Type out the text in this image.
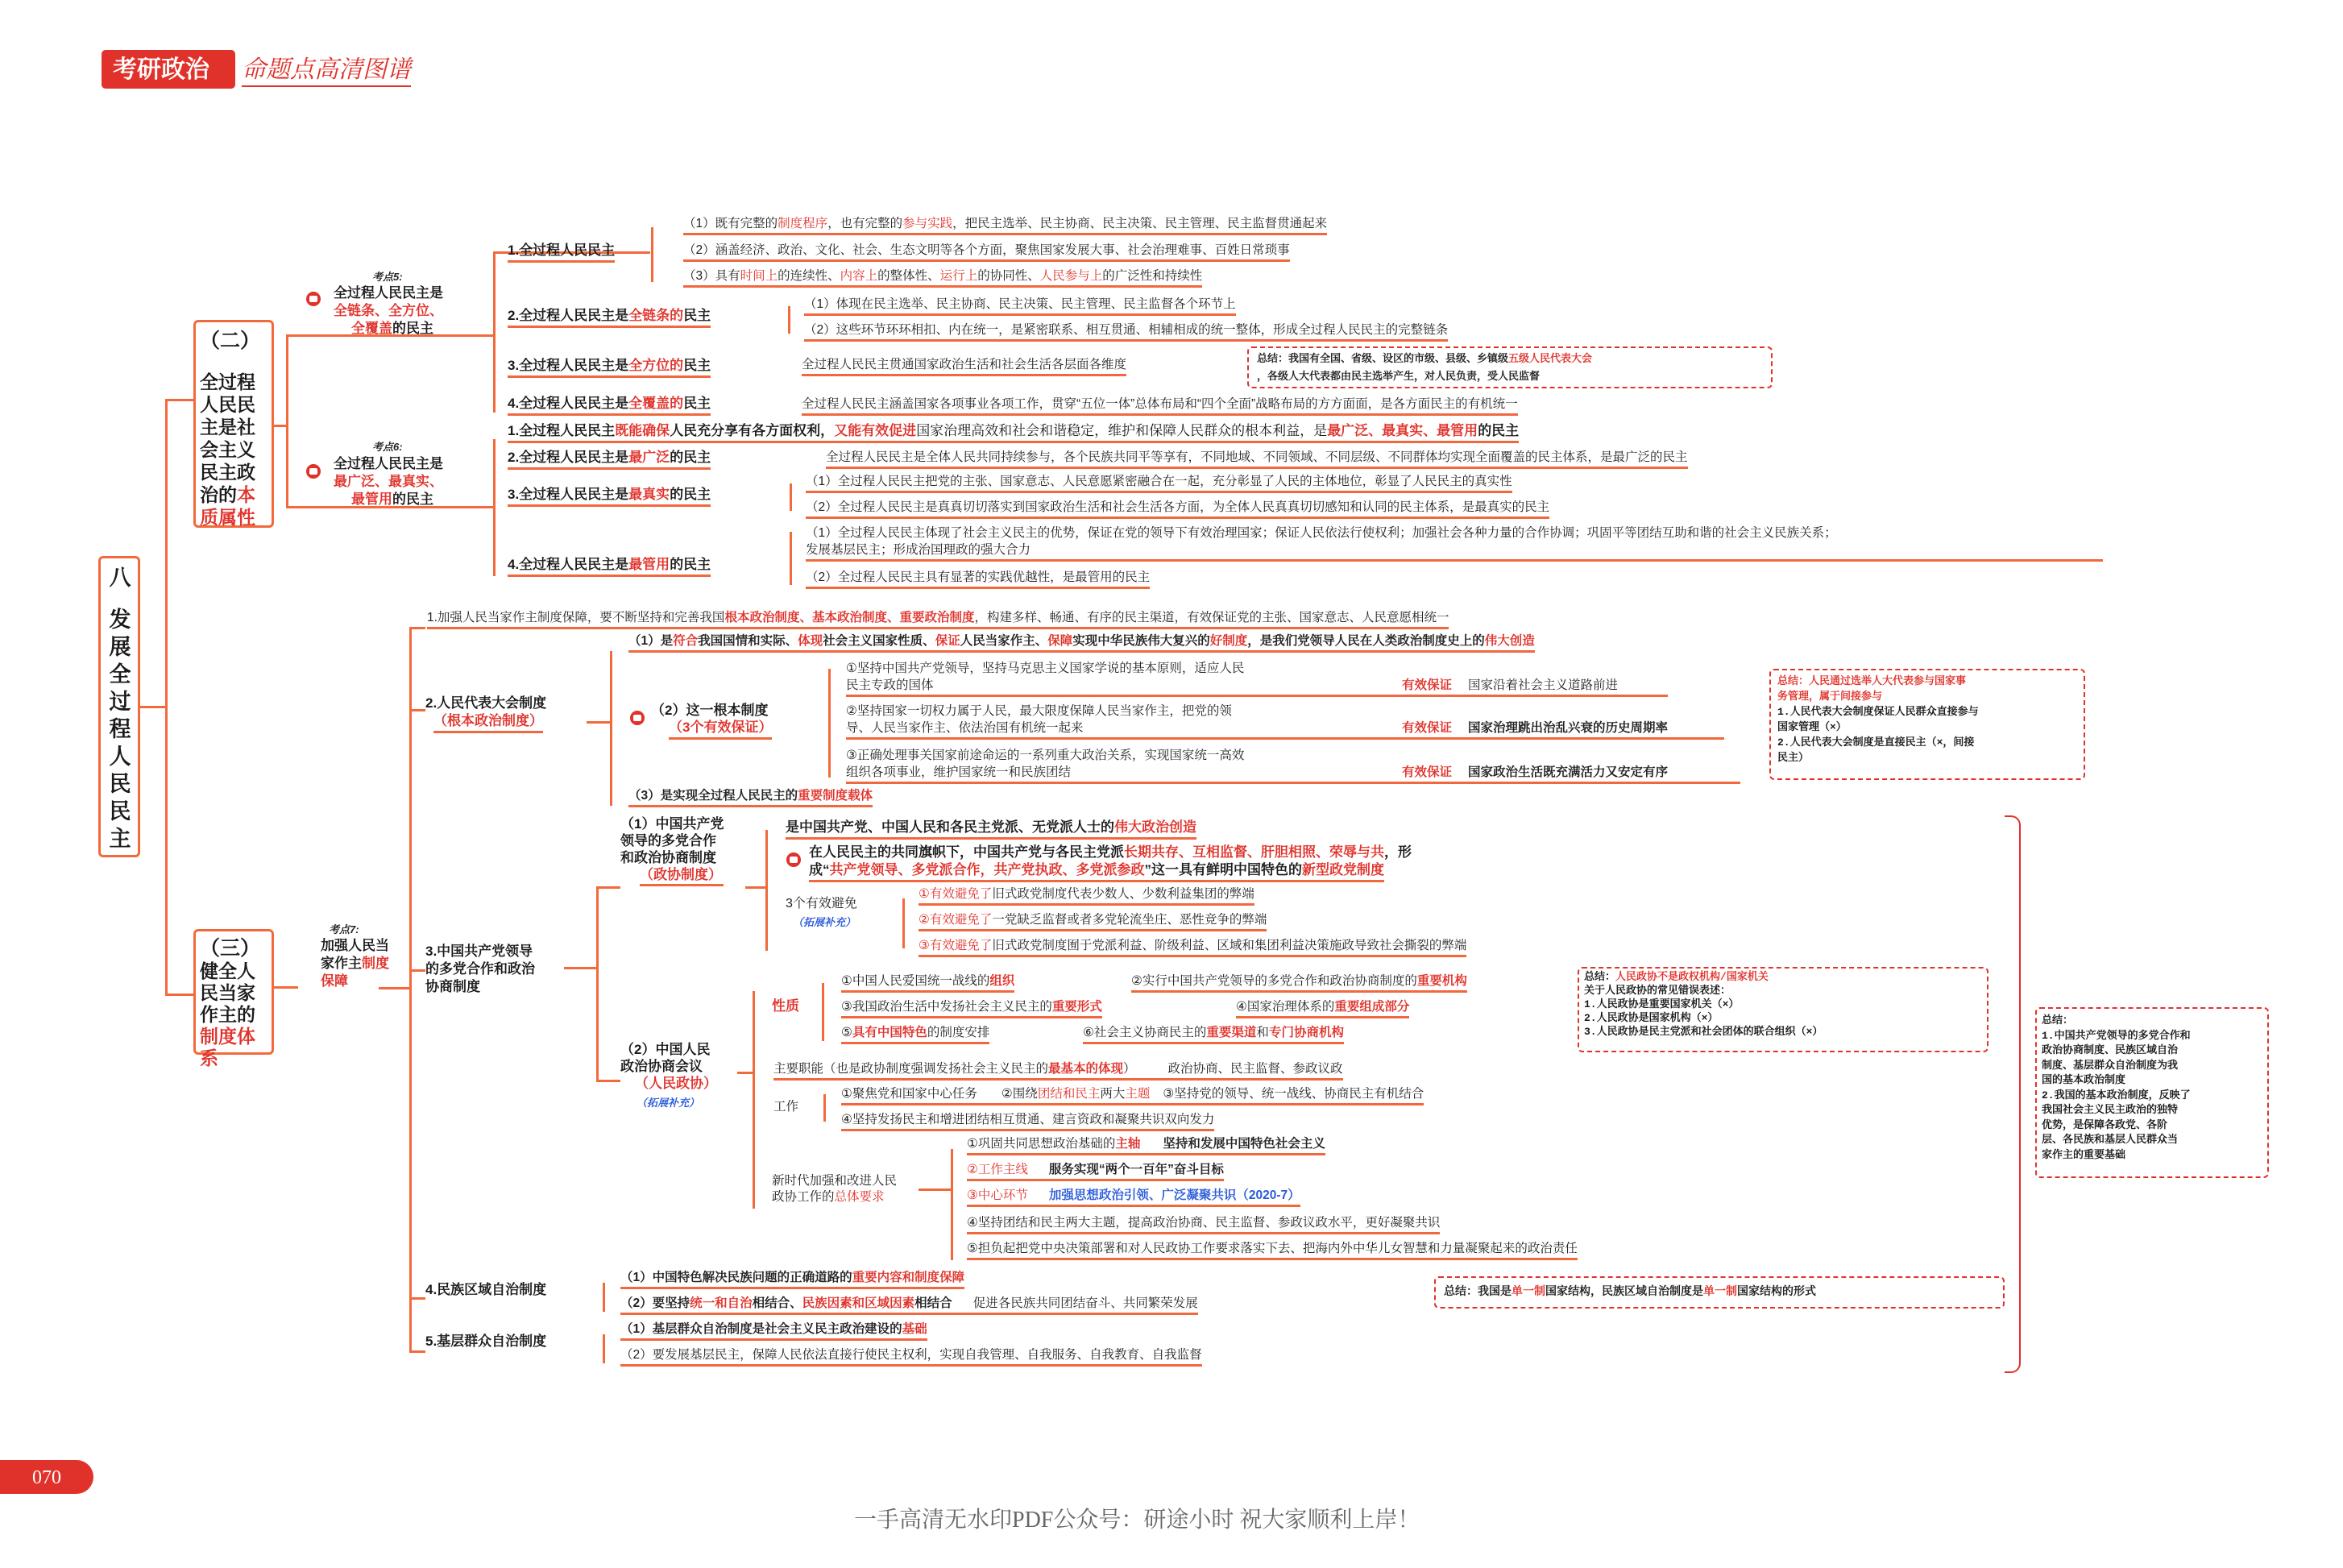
考研政治 命题点高清图谱
八
发
展
全
过
程
人
民
民
主
（二）
全过程人民民主是社会主义民主政治的本质属性
考点5:
全过程人民民主是
全链条、全方位、
全覆盖的民主
考点6:
全过程人民民主是
最广泛、最真实、
最管用的民主
1.全过程人民民主
（1）既有完整的制度程序，也有完整的参与实践，把民主选举、民主协商、民主决策、民主管理、民主监督贯通起来
（2）涵盖经济、政治、文化、社会、生态文明等各个方面，聚焦国家发展大事、社会治理难事、百姓日常琐事
（3）具有时间上的连续性、内容上的整体性、运行上的协同性、人民参与上的广泛性和持续性
2.全过程人民民主是全链条的民主
（1）体现在民主选举、民主协商、民主决策、民主管理、民主监督各个环节上
（2）这些环节环环相扣、内在统一，是紧密联系、相互贯通、相辅相成的统一整体，形成全过程人民民主的完整链条
3.全过程人民民主是全方位的民主	全过程人民民主贯通国家政治生活和社会生活各层面各维度	总结：我国有全国、省级、设区的市级、县级、乡镇级五级人民代表大会
，各级人大代表都由民主选举产生，对人民负责，受人民监督
4.全过程人民民主是全覆盖的民主	全过程人民民主涵盖国家各项事业各项工作，贯穿“五位一体”总体布局和“四个全面”战略布局的方方面面，是各方面民主的有机统一
1.全过程人民民主既能确保人民充分享有各方面权利，又能有效促进国家治理高效和社会和谐稳定，维护和保障人民群众的根本利益，是最广泛、最真实、最管用的民主
2.全过程人民民主是最广泛的民主	全过程人民民主是全体人民共同持续参与，各个民族共同平等享有，不同地域、不同领域、不同层级、不同群体均实现全面覆盖的民主体系，是最广泛的民主
3.全过程人民民主是最真实的民主
（1）全过程人民民主把党的主张、国家意志、人民意愿紧密融合在一起，充分彰显了人民的主体地位，彰显了人民民主的真实性
（2）全过程人民民主是真真切切落实到国家政治生活和社会生活各方面，为全体人民真真切切感知和认同的民主体系，是最真实的民主
4.全过程人民民主是最管用的民主
（1）全过程人民民主体现了社会主义民主的优势，保证在党的领导下有效治理国家；保证人民依法行使权利；加强社会各种力量的合作协调；巩固平等团结互助和谐的社会主义民族关系；
发展基层民主；形成治国理政的强大合力
（2）全过程人民民主具有显著的实践优越性，是最管用的民主
（三）
健全人民当家作主的制度体系
考点7:
加强人民当家作主制度保障
1.加强人民当家作主制度保障，要不断坚持和完善我国根本政治制度、基本政治制度、重要政治制度，构建多样、畅通、有序的民主渠道，有效保证党的主张、国家意志、人民意愿相统一
2.人民代表大会制度
（根本政治制度）
（1）是符合我国国情和实际、体现社会主义国家性质、保证人民当家作主、保障实现中华民族伟大复兴的好制度，是我们党领导人民在人类政治制度史上的伟大创造
（2）这一根本制度
（3个有效保证）
①坚持中国共产党领导，坚持马克思主义国家学说的基本原则，适应人民
民主专政的国体	有效保证 国家沿着社会主义道路前进
②坚持国家一切权力属于人民，最大限度保障人民当家作主，把党的领
导、人民当家作主、依法治国有机统一起来	有效保证 国家治理跳出治乱兴衰的历史周期率
③正确处理事关国家前途命运的一系列重大政治关系，实现国家统一高效
组织各项事业，维护国家统一和民族团结	有效保证 国家政治生活既充满活力又安定有序
（3）是实现全过程人民民主的重要制度载体
总结：人民通过选举人大代表参与国家事
务管理，属于间接参与
1.人民代表大会制度保证人民群众直接参与
国家管理（×）
2.人民代表大会制度是直接民主（×，间接
民主）
3.中国共产党领导
的多党合作和政治
协商制度
（1）中国共产党
领导的多党合作
和政治协商制度
（政协制度）
是中国共产党、中国人民和各民主党派、无党派人士的伟大政治创造
在人民民主的共同旗帜下，中国共产党与各民主党派长期共存、互相监督、肝胆相照、荣辱与共，形
成“共产党领导、多党派合作，共产党执政、多党派参政”这一具有鲜明中国特色的新型政党制度
3个有效避免
（拓展补充）
①有效避免了旧式政党制度代表少数人、少数利益集团的弊端
②有效避免了一党缺乏监督或者多党轮流坐庄、恶性竞争的弊端
③有效避免了旧式政党制度囿于党派利益、阶级利益、区域和集团利益决策施政导致社会撕裂的弊端
（2）中国人民
政治协商会议
（人民政协）
（拓展补充）
性质
①中国人民爱国统一战线的组织	②实行中国共产党领导的多党合作和政治协商制度的重要机构
③我国政治生活中发扬社会主义民主的重要形式	④国家治理体系的重要组成部分
⑤具有中国特色的制度安排	⑥社会主义协商民主的重要渠道和专门协商机构
总结：人民政协不是政权机构/国家机关
关于人民政协的常见错误表述：
1.人民政协是重要国家机关（×）
2.人民政协是国家机构（×）
3.人民政协是民主党派和社会团体的联合组织（×）
主要职能（也是政协制度强调发扬社会主义民主的最基本的体现）	政治协商、民主监督、参政议政
工作
①聚焦党和国家中心任务 ②围绕团结和民主两大主题 ③坚持党的领导、统一战线、协商民主有机结合
④坚持发扬民主和增进团结相互贯通、建言资政和凝聚共识双向发力
新时代加强和改进人民
政协工作的总体要求
①巩固共同思想政治基础的主轴 坚持和发展中国特色社会主义
②工作主线 服务实现“两个一百年”奋斗目标
③中心环节 加强思想政治引领、广泛凝聚共识（2020-7）
④坚持团结和民主两大主题，提高政治协商、民主监督、参政议政水平，更好凝聚共识
⑤担负起把党中央决策部署和对人民政协工作要求落实下去、把海内外中华儿女智慧和力量凝聚起来的政治责任
总结：
1.中国共产党领导的多党合作和
政治协商制度、民族区域自治
制度、基层群众自治制度为我
国的基本政治制度
2.我国的基本政治制度，反映了
我国社会主义民主政治的独特
优势，是保障各政党、各阶
层、各民族和基层人民群众当
家作主的重要基础
4.民族区域自治制度
（1）中国特色解决民族问题的正确道路的重要内容和制度保障
（2）要坚持统一和自治相结合、民族因素和区域因素相结合 促进各民族共同团结奋斗、共同繁荣发展
总结：我国是单一制国家结构，民族区域自治制度是单一制国家结构的形式
5.基层群众自治制度
（1）基层群众自治制度是社会主义民主政治建设的基础
（2）要发展基层民主，保障人民依法直接行使民主权利，实现自我管理、自我服务、自我教育、自我监督
070
一手高清无水印PDF公众号：研途小时 祝大家顺利上岸！
